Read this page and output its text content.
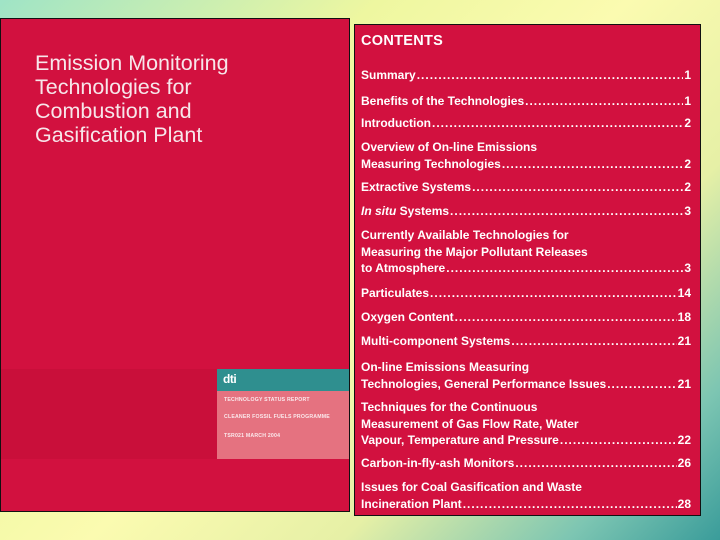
Emission Monitoring
Technologies for
Combustion and
Gasification Plant
dti
TECHNOLOGY STATUS REPORT
CLEANER FOSSIL FUELS PROGRAMME
TSR021 MARCH 2004
CONTENTS
Summary .....	1
Benefits of the Technologies .....	1
Introduction .....	2
Overview of On-line Emissions
Measuring Technologies .....	2
Extractive Systems .....	2
In situ Systems .....	3
Currently Available Technologies for
Measuring the Major Pollutant Releases
to Atmosphere .....	3
Particulates .....	14
Oxygen Content .....	18
Multi-component Systems .....	21
On-line Emissions Measuring
Technologies, General Performance Issues .....	21
Techniques for the Continuous
Measurement of Gas Flow Rate, Water
Vapour, Temperature and Pressure .....	22
Carbon-in-fly-ash Monitors .....	26
Issues for Coal Gasification and Waste
Incineration Plant .....	28
